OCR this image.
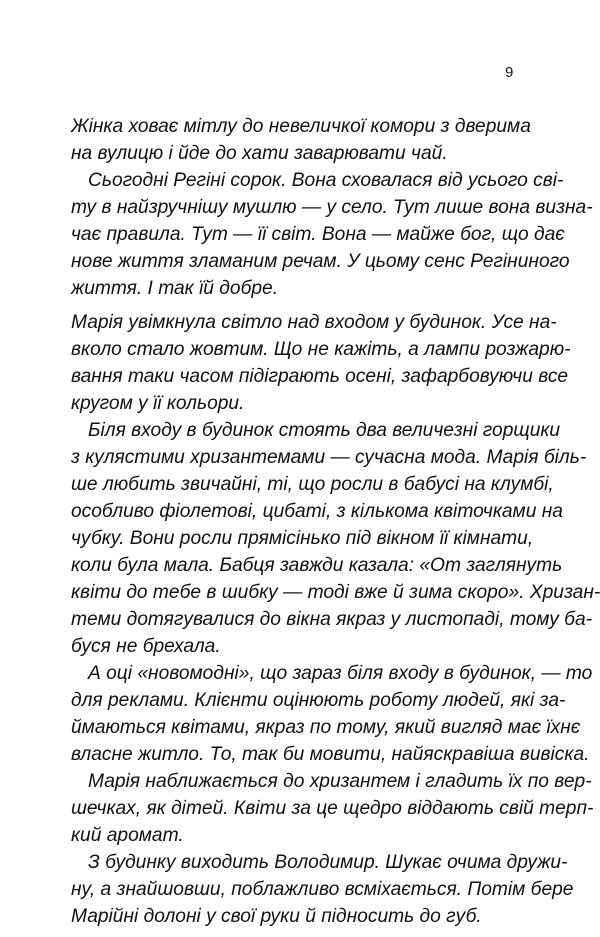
9
Жінка ховає мітлу до невеличкої комори з дверима
на вулицю і йде до хати заварювати чай.
Сьогодні Регіні сорок. Вона сховалася від усього сві-
ту в найзручнішу мушлю — у село. Тут лише вона визна-
чає правила. Тут — її світ. Вона — майже бог, що дає
нове життя зламаним речам. У цьому сенс Регіниного
життя. І так їй добре.
Марія увімкнула світло над входом у будинок. Усе на-
вколо стало жовтим. Що не кажіть, а лампи розжарю-
вання таки часом підіграють осені, зафарбовуючи все
кругом у її кольори.
Біля входу в будинок стоять два величезні горщики
з кулястими хризантемами — сучасна мода. Марія біль-
ше любить звичайні, ті, що росли в бабусі на клумбі,
особливо фіолетові, цибаті, з кількома квіточками на
чубку. Вони росли прямісінько під вікном її кімнати,
коли була мала. Бабця завжди казала: «От заглянуть
квіти до тебе в шибку — тоді вже й зима скоро». Хризан-
теми дотягувалися до вікна якраз у листопаді, тому ба-
буся не брехала.
А оці «новомодні», що зараз біля входу в будинок, — то
для реклами. Клієнти оцінюють роботу людей, які за-
ймаються квітами, якраз по тому, який вигляд має їхнє
власне житло. То, так би мовити, найяскравіша вивіска.
Марія наближається до хризантем і гладить їх по вер-
шечках, як дітей. Квіти за це щедро віддають свій терп-
кий аромат.
З будинку виходить Володимир. Шукає очима дружи-
ну, а знайшовши, поблажливо всміхається. Потім бере
Марійні долоні у свої руки й підносить до губ.
